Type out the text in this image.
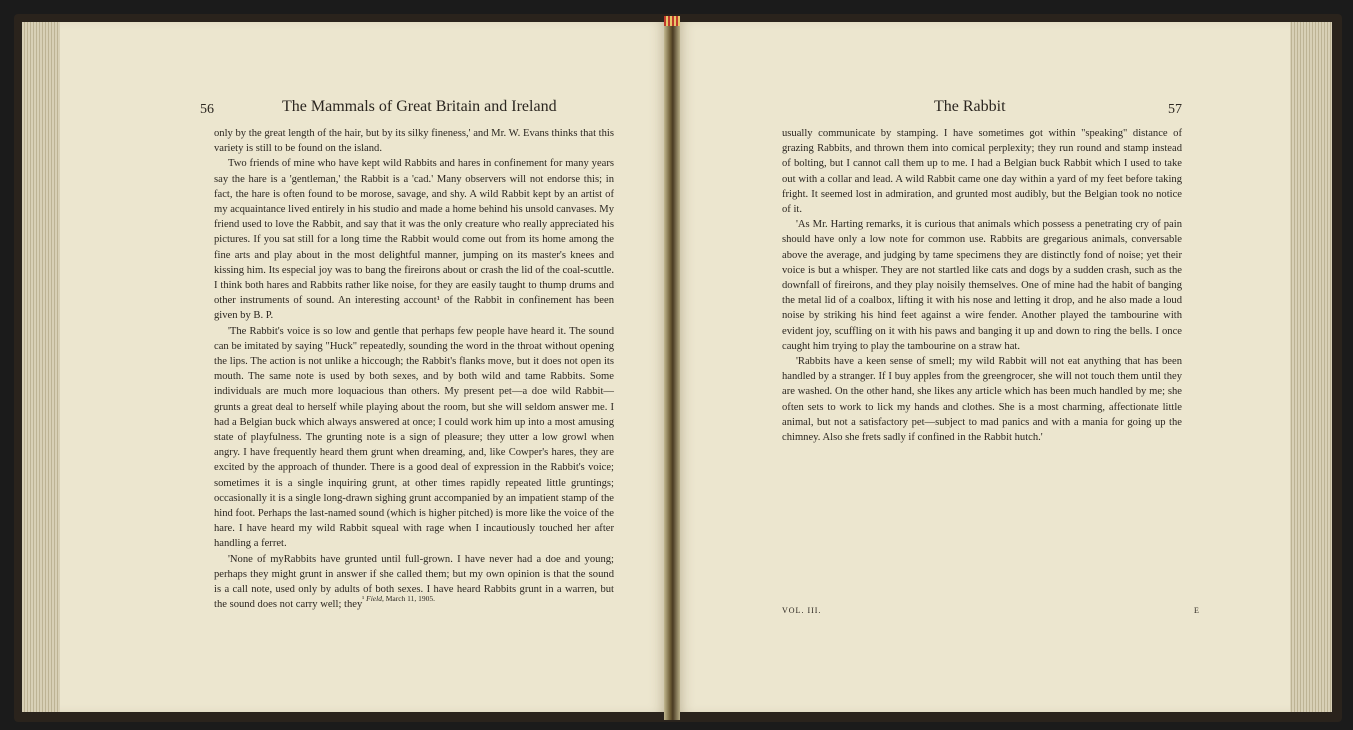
56	The Mammals of Great Britain and Ireland

only by the great length of the hair, but by its silky fineness,' and Mr. W. Evans thinks that this variety is still to be found on the island.

Two friends of mine who have kept wild Rabbits and hares in confinement for many years say the hare is a 'gentleman,' the Rabbit is a 'cad.' Many observers will not endorse this; in fact, the hare is often found to be morose, savage, and shy. A wild Rabbit kept by an artist of my acquaintance lived entirely in his studio and made a home behind his unsold canvases. My friend used to love the Rabbit, and say that it was the only creature who really appreciated his pictures. If you sat still for a long time the Rabbit would come out from its home among the fine arts and play about in the most delightful manner, jumping on its master's knees and kissing him. Its especial joy was to bang the fireirons about or crash the lid of the coal-scuttle. I think both hares and Rabbits rather like noise, for they are easily taught to thump drums and other instruments of sound. An interesting account¹ of the Rabbit in confinement has been given by B. P.

'The Rabbit's voice is so low and gentle that perhaps few people have heard it. The sound can be imitated by saying "Huck" repeatedly, sounding the word in the throat without opening the lips. The action is not unlike a hiccough; the Rabbit's flanks move, but it does not open its mouth. The same note is used by both sexes, and by both wild and tame Rabbits. Some individuals are much more loquacious than others. My present pet—a doe wild Rabbit—grunts a great deal to herself while playing about the room, but she will seldom answer me. I had a Belgian buck which always answered at once; I could work him up into a most amusing state of playfulness. The grunting note is a sign of pleasure; they utter a low growl when angry. I have frequently heard them grunt when dreaming, and, like Cowper's hares, they are excited by the approach of thunder. There is a good deal of expression in the Rabbit's voice; sometimes it is a single inquiring grunt, at other times rapidly repeated little gruntings; occasionally it is a single long-drawn sighing grunt accompanied by an impatient stamp of the hind foot. Perhaps the last-named sound (which is higher pitched) is more like the voice of the hare. I have heard my wild Rabbit squeal with rage when I incautiously touched her after handling a ferret.

'None of myRabbits have grunted until full-grown. I have never had a doe and young; perhaps they might grunt in answer if she called them; but my own opinion is that the sound is a call note, used only by adults of both sexes. I have heard Rabbits grunt in a warren, but the sound does not carry well; they

¹ Field, March 11, 1905.
The Rabbit	57

usually communicate by stamping. I have sometimes got within "speaking" distance of grazing Rabbits, and thrown them into comical perplexity; they run round and stamp instead of bolting, but I cannot call them up to me. I had a Belgian buck Rabbit which I used to take out with a collar and lead. A wild Rabbit came one day within a yard of my feet before taking fright. It seemed lost in admiration, and grunted most audibly, but the Belgian took no notice of it.

'As Mr. Harting remarks, it is curious that animals which possess a penetrating cry of pain should have only a low note for common use. Rabbits are gregarious animals, conversable above the average, and judging by tame specimens they are distinctly fond of noise; yet their voice is but a whisper. They are not startled like cats and dogs by a sudden crash, such as the downfall of fireirons, and they play noisily themselves. One of mine had the habit of banging the metal lid of a coalbox, lifting it with his nose and letting it drop, and he also made a loud noise by striking his hind feet against a wire fender. Another played the tambourine with evident joy, scuffling on it with his paws and banging it up and down to ring the bells. I once caught him trying to play the tambourine on a straw hat.

'Rabbits have a keen sense of smell; my wild Rabbit will not eat anything that has been handled by a stranger. If I buy apples from the greengrocer, she will not touch them until they are washed. On the other hand, she likes any article which has been much handled by me; she often sets to work to lick my hands and clothes. She is a most charming, affectionate little animal, but not a satisfactory pet—subject to mad panics and with a mania for going up the chimney. Also she frets sadly if confined in the Rabbit hutch.'

VOL. III.	E
